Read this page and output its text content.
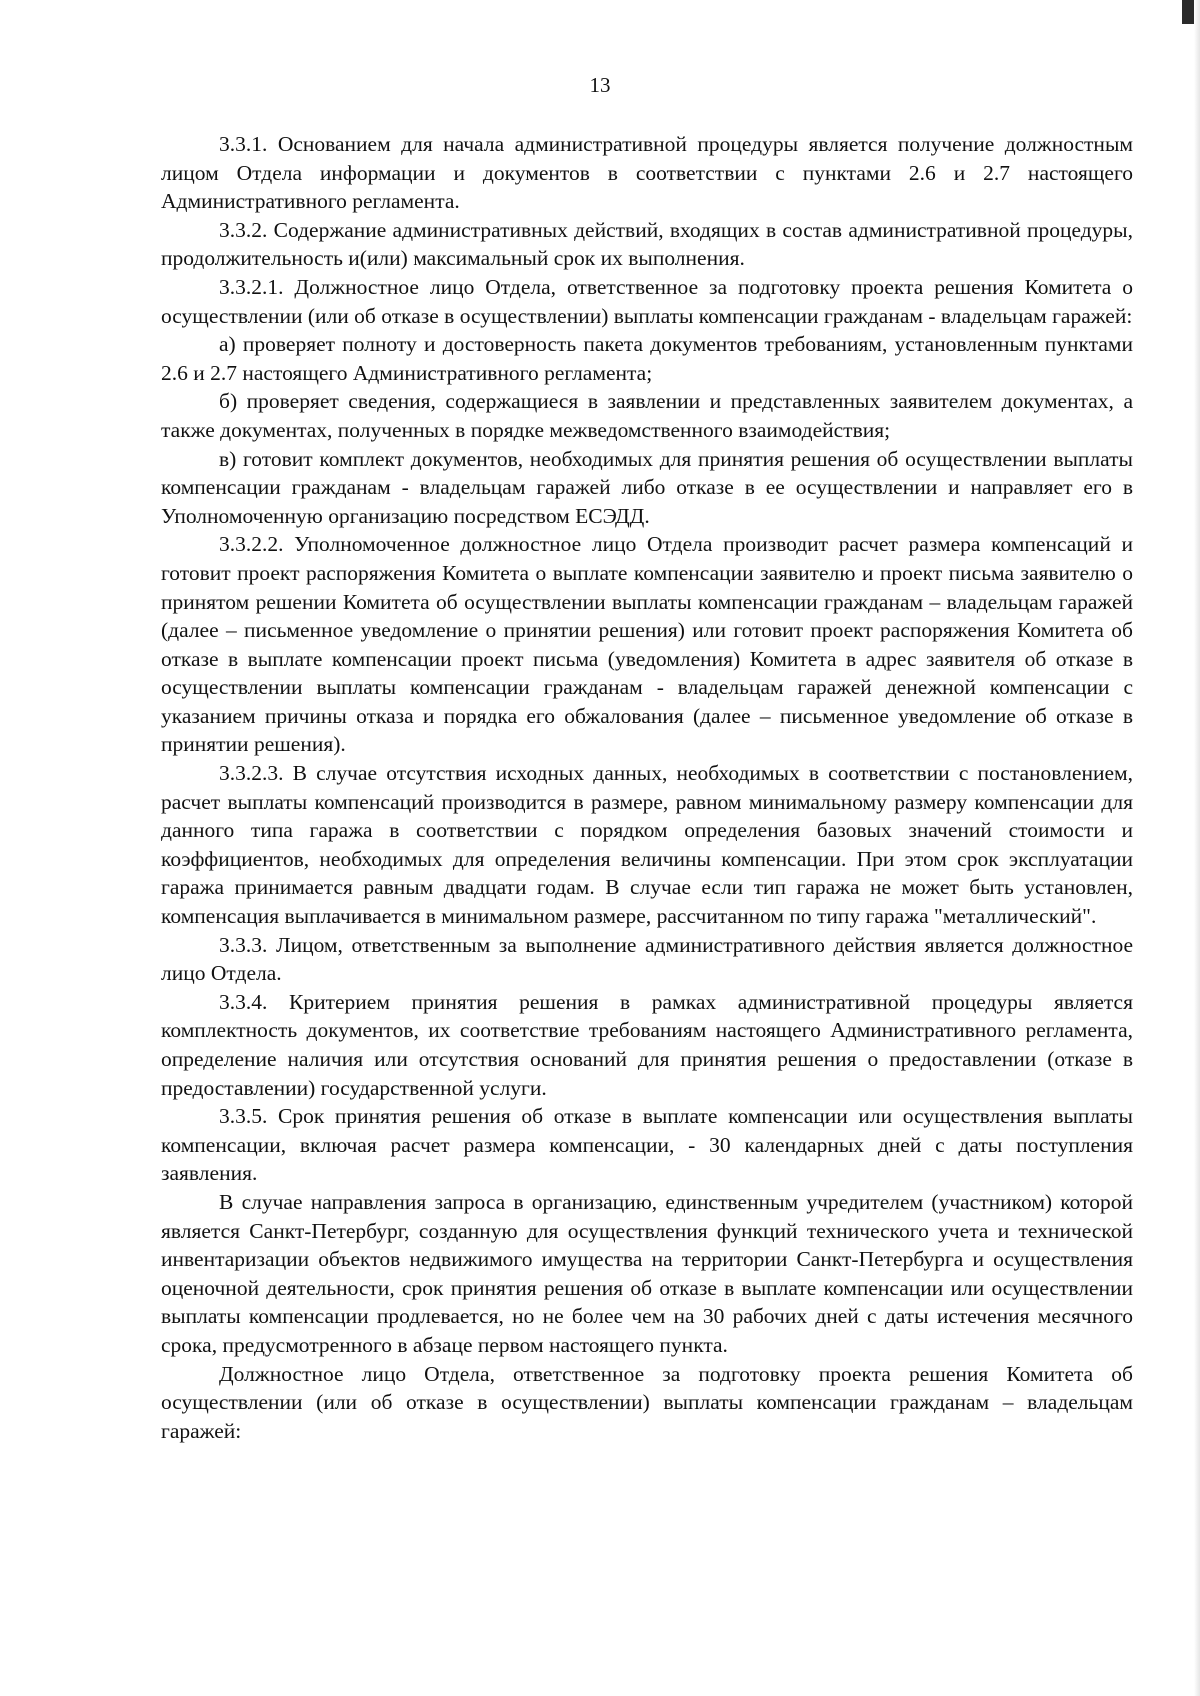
13

3.3.1. Основанием для начала административной процедуры является получение должностным лицом Отдела информации и документов в соответствии с пунктами 2.6 и 2.7 настоящего Административного регламента.

3.3.2. Содержание административных действий, входящих в состав административной процедуры, продолжительность и(или) максимальный срок их выполнения.

3.3.2.1. Должностное лицо Отдела, ответственное за подготовку проекта решения Комитета о осуществлении (или об отказе в осуществлении) выплаты компенсации гражданам - владельцам гаражей:

а) проверяет полноту и достоверность пакета документов требованиям, установленным пунктами 2.6 и 2.7 настоящего Административного регламента;

б) проверяет сведения, содержащиеся в заявлении и представленных заявителем документах, а также документах, полученных в порядке межведомственного взаимодействия;

в) готовит комплект документов, необходимых для принятия решения об осуществлении выплаты компенсации гражданам - владельцам гаражей либо отказе в ее осуществлении и направляет его в Уполномоченную организацию посредством ЕСЭДД.

3.3.2.2. Уполномоченное должностное лицо Отдела производит расчет размера компенсаций и готовит проект распоряжения Комитета о выплате компенсации заявителю и проект письма заявителю о принятом решении Комитета об осуществлении выплаты компенсации гражданам – владельцам гаражей (далее – письменное уведомление о принятии решения) или готовит проект распоряжения Комитета об отказе в выплате компенсации проект письма (уведомления) Комитета в адрес заявителя об отказе в осуществлении выплаты компенсации гражданам - владельцам гаражей денежной компенсации с указанием причины отказа и порядка его обжалования (далее – письменное уведомление об отказе в принятии решения).

3.3.2.3. В случае отсутствия исходных данных, необходимых в соответствии с постановлением, расчет выплаты компенсаций производится в размере, равном минимальному размеру компенсации для данного типа гаража в соответствии с порядком определения базовых значений стоимости и коэффициентов, необходимых для определения величины компенсации. При этом срок эксплуатации гаража принимается равным двадцати годам. В случае если тип гаража не может быть установлен, компенсация выплачивается в минимальном размере, рассчитанном по типу гаража "металлический".

3.3.3. Лицом, ответственным за выполнение административного действия является должностное лицо Отдела.

3.3.4. Критерием принятия решения в рамках административной процедуры является комплектность документов, их соответствие требованиям настоящего Административного регламента, определение наличия или отсутствия оснований для принятия решения о предоставлении (отказе в предоставлении) государственной услуги.

3.3.5. Срок принятия решения об отказе в выплате компенсации или осуществления выплаты компенсации, включая расчет размера компенсации, - 30 календарных дней с даты поступления заявления.

В случае направления запроса в организацию, единственным учредителем (участником) которой является Санкт-Петербург, созданную для осуществления функций технического учета и технической инвентаризации объектов недвижимого имущества на территории Санкт-Петербурга и осуществления оценочной деятельности, срок принятия решения об отказе в выплате компенсации или осуществлении выплаты компенсации продлевается, но не более чем на 30 рабочих дней с даты истечения месячного срока, предусмотренного в абзаце первом настоящего пункта.

Должностное лицо Отдела, ответственное за подготовку проекта решения Комитета об осуществлении (или об отказе в осуществлении) выплаты компенсации гражданам – владельцам гаражей:
